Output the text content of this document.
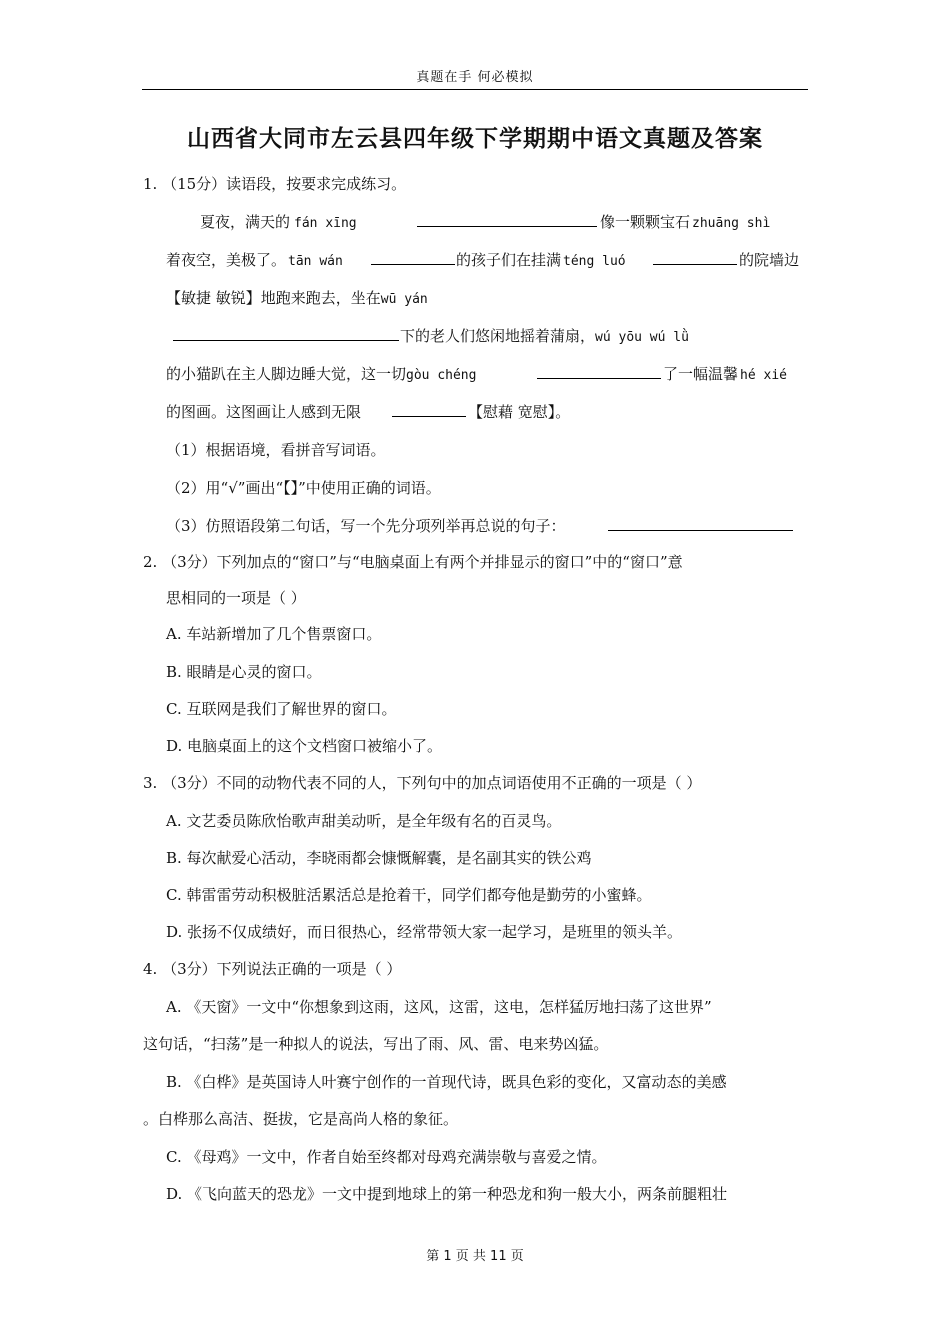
真题在手 何必模拟
山西省大同市左云县四年级下学期期中语文真题及答案
1. （15分）读语段，按要求完成练习。
夏夜，满天的 fán xīng	像一颗颗宝石 zhuāng shì
着夜空，美极了。 tān wán	的孩子们在挂满 téng luó	的院墙边
【敏捷 敏锐】地跑来跑去，坐在wū yán
下的老人们悠闲地摇着蒲扇，wú yōu wú lǜ
的小猫趴在主人脚边睡大觉，这一切gòu chéng	了一幅温馨 hé xié
的图画。这图画让人感到无限	【慰藉 宽慰】。
（1）根据语境，看拼音写词语。
（2）用“√”画出“【】”中使用正确的词语。
（3）仿照语段第二句话，写一个先分项列举再总说的句子：
2. （3分）下列加点的“窗口”与“电脑桌面上有两个并排显示的窗口”中的“窗口”意
思相同的一项是（ ）
A. 车站新增加了几个售票窗口。
B. 眼睛是心灵的窗口。
C. 互联网是我们了解世界的窗口。
D. 电脑桌面上的这个文档窗口被缩小了。
3. （3分）不同的动物代表不同的人，下列句中的加点词语使用不正确的一项是（ ）
A. 文艺委员陈欣怡歌声甜美动听，是全年级有名的百灵鸟。
B. 每次献爱心活动，李晓雨都会慷慨解囊，是名副其实的铁公鸡
C. 韩雷雷劳动积极脏活累活总是抢着干，同学们都夸他是勤劳的小蜜蜂。
D. 张扬不仅成绩好，而日很热心，经常带领大家一起学习，是班里的领头羊。
4. （3分）下列说法正确的一项是（ ）
A. 《天窗》一文中“你想象到这雨，这风，这雷，这电，怎样猛厉地扫荡了这世界”
这句话，“扫荡”是一种拟人的说法，写出了雨、风、雷、电来势凶猛。
B. 《白桦》是英国诗人叶赛宁创作的一首现代诗，既具色彩的变化，又富动态的美感
。白桦那么高洁、挺拔，它是高尚人格的象征。
C. 《母鸡》一文中，作者自始至终都对母鸡充满崇敬与喜爱之情。
D. 《飞向蓝天的恐龙》一文中提到地球上的第一种恐龙和狗一般大小，两条前腿粗壮
第 1 页 共 11 页
